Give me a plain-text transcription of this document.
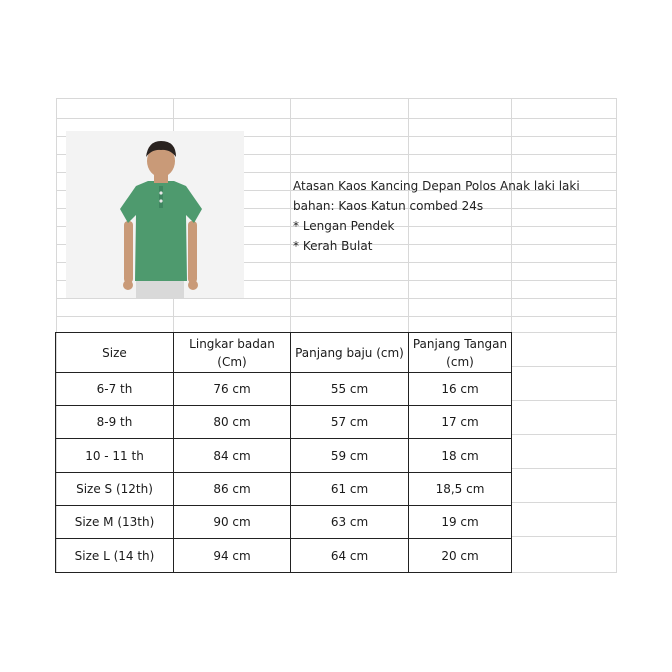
Atasan Kaos Kancing Depan Polos Anak laki laki
bahan: Kaos Katun combed 24s
* Lengan Pendek
* Kerah Bulat
Size	Lingkar badan (Cm)	Panjang baju (cm)	Panjang Tangan (cm)
6-7 th	76 cm	55 cm	16 cm
8-9 th	80 cm	57 cm	17 cm
10 - 11 th	84 cm	59 cm	18 cm
Size S (12th)	86 cm	61 cm	18,5 cm
Size M (13th)	90 cm	63 cm	19 cm
Size L (14 th)	94 cm	64 cm	20 cm
